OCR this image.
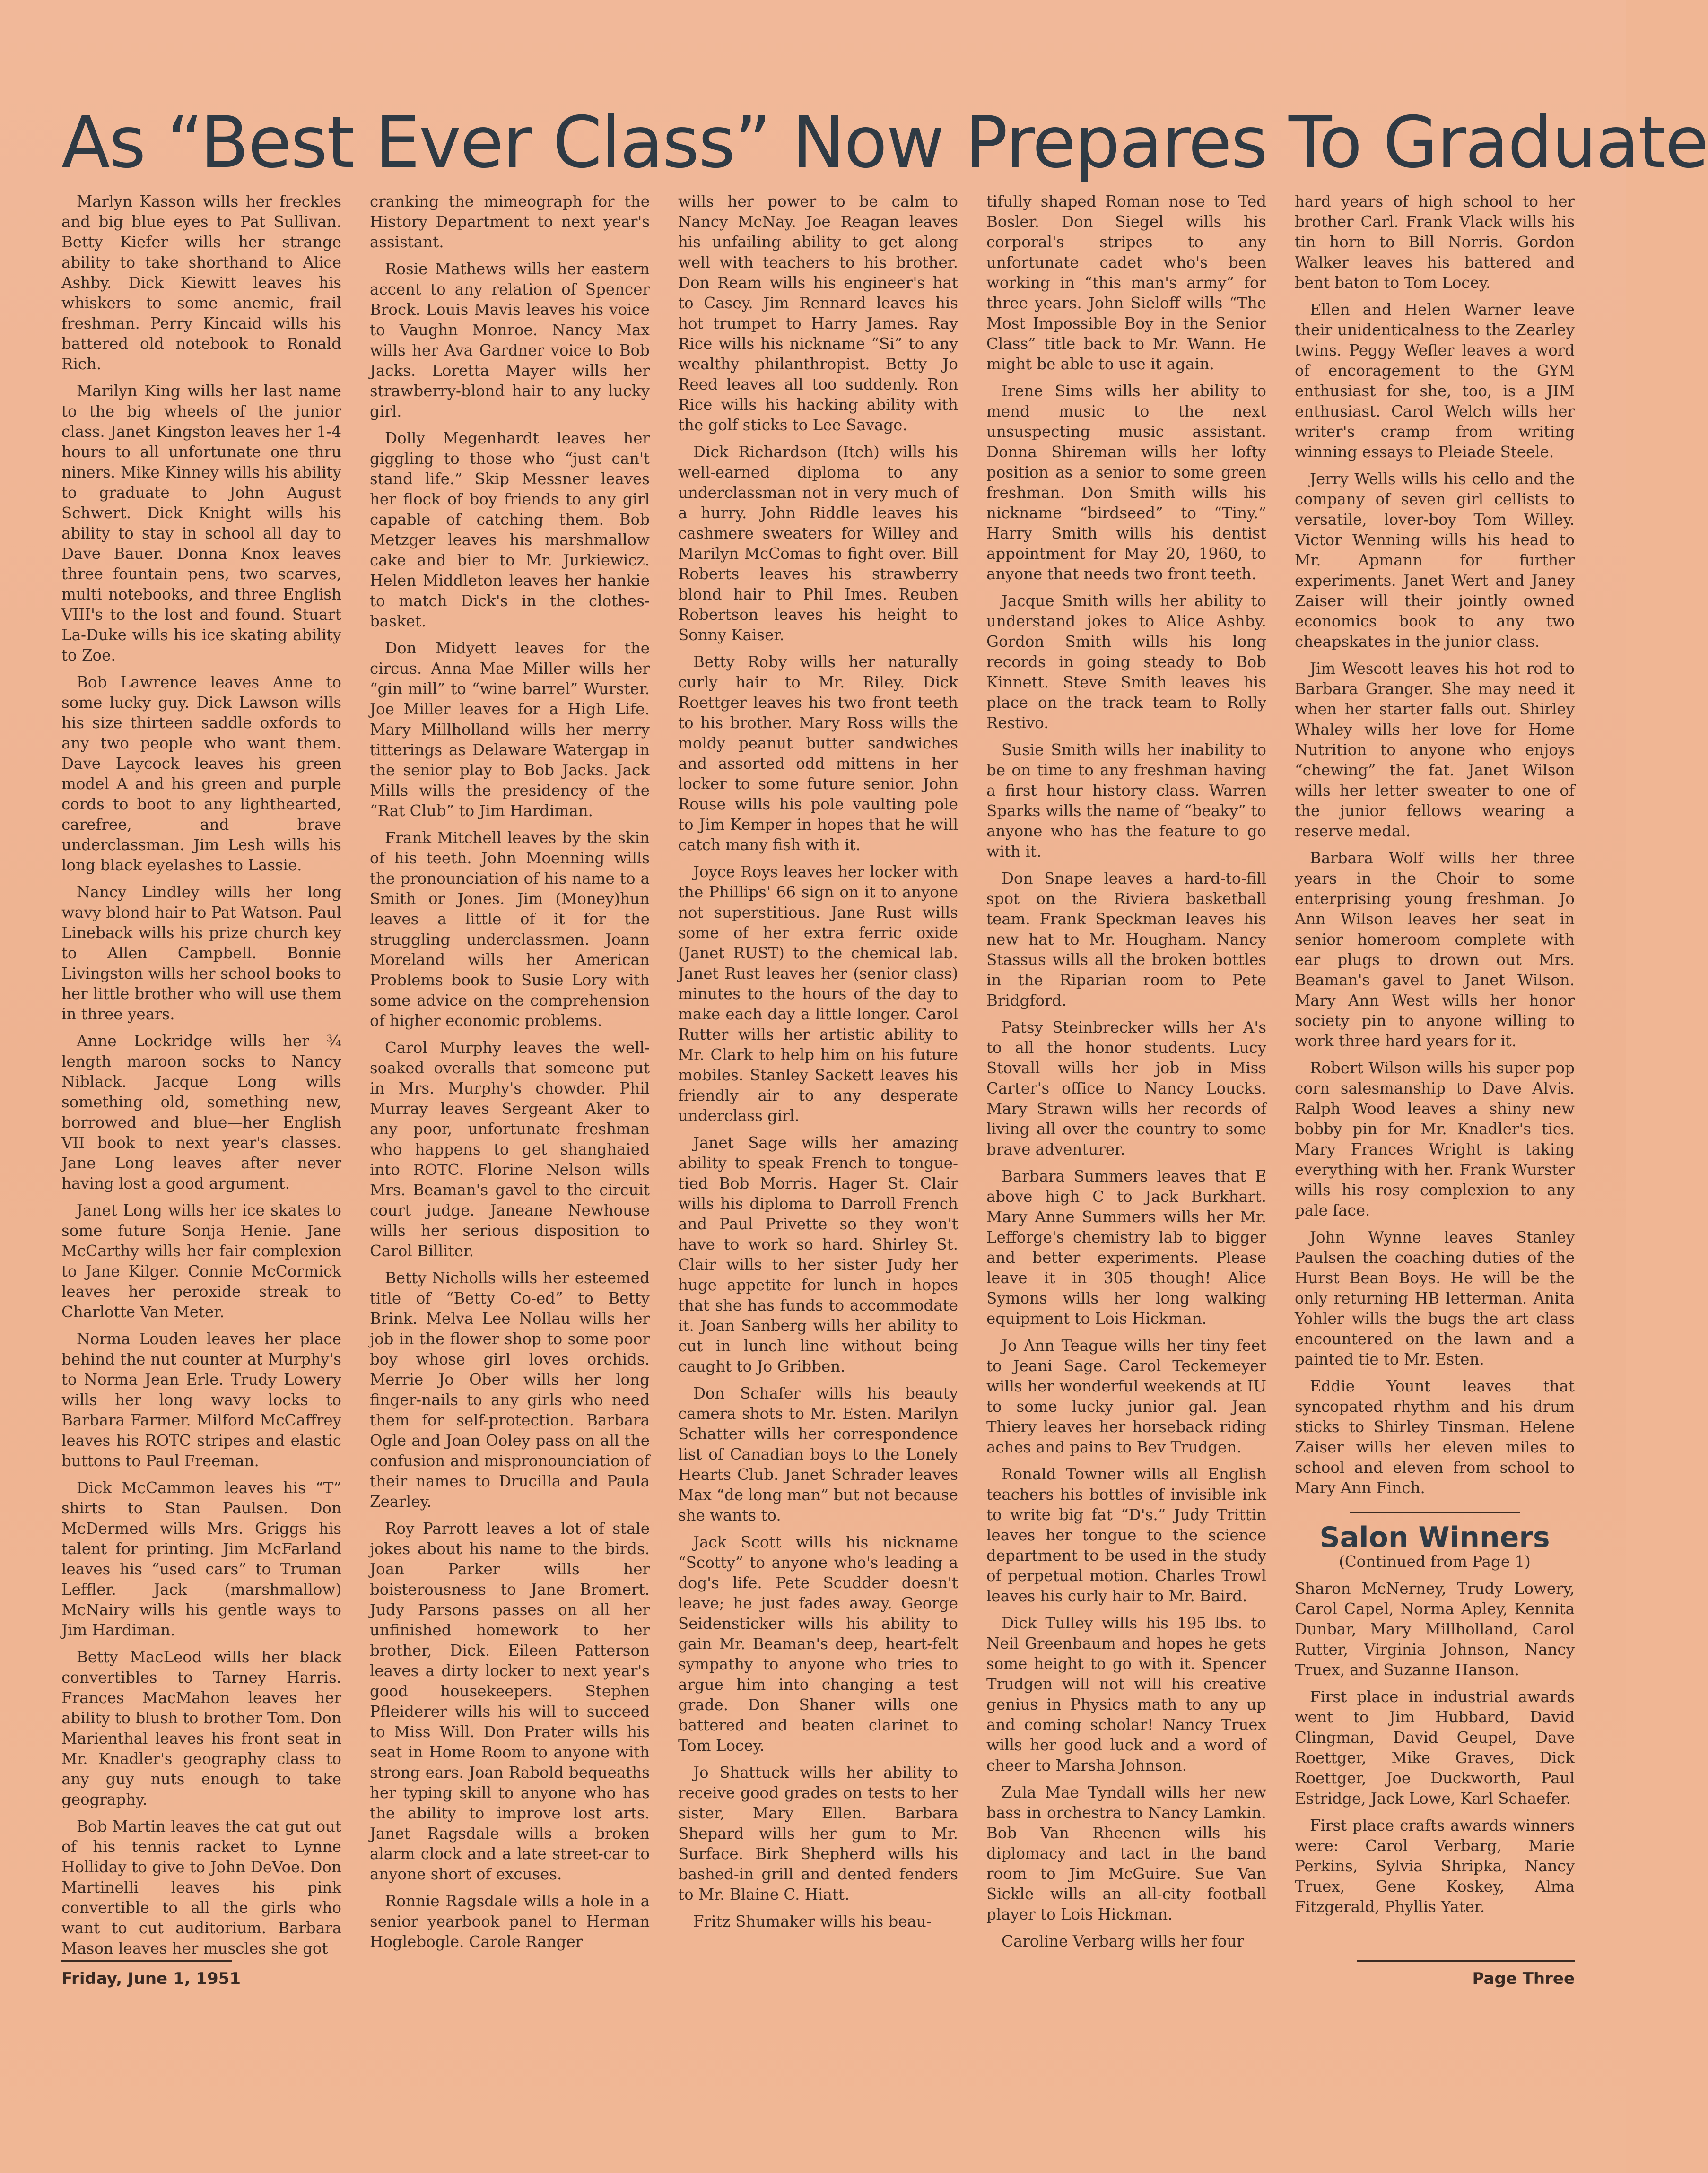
As “Best Ever Class” Now Prepares To Graduate

Marlyn Kasson wills her freckles and big blue eyes to Pat Sullivan. Betty Kiefer wills her strange ability to take shorthand to Alice Ashby. Dick Kiewitt leaves his whiskers to some anemic, frail freshman. Perry Kincaid wills his battered old notebook to Ronald Rich.

Marilyn King wills her last name to the big wheels of the junior class. Janet Kingston leaves her 1-4 hours to all unfortunate one thru niners. Mike Kinney wills his ability to graduate to John August Schwert. Dick Knight wills his ability to stay in school all day to Dave Bauer. Donna Knox leaves three fountain pens, two scarves, multi notebooks, and three English VIII's to the lost and found. Stuart La-Duke wills his ice skating ability to Zoe.

Bob Lawrence leaves Anne to some lucky guy. Dick Lawson wills his size thirteen saddle oxfords to any two people who want them. Dave Laycock leaves his green model A and his green and purple cords to boot to any lighthearted, carefree, and brave underclassman. Jim Lesh wills his long black eyelashes to Lassie.

Nancy Lindley wills her long wavy blond hair to Pat Watson. Paul Lineback wills his prize church key to Allen Campbell. Bonnie Livingston wills her school books to her little brother who will use them in three years.

Anne Lockridge wills her ¾ length maroon socks to Nancy Niblack. Jacque Long wills something old, something new, borrowed and blue—her English VII book to next year's classes. Jane Long leaves after never having lost a good argument.

Janet Long wills her ice skates to some future Sonja Henie. Jane McCarthy wills her fair complexion to Jane Kilger. Connie McCormick leaves her peroxide streak to Charlotte Van Meter.

Norma Louden leaves her place behind the nut counter at Murphy's to Norma Jean Erle. Trudy Lowery wills her long wavy locks to Barbara Farmer. Milford McCaffrey leaves his ROTC stripes and elastic buttons to Paul Freeman.

Dick McCammon leaves his “T” shirts to Stan Paulsen. Don McDermed wills Mrs. Griggs his talent for printing. Jim McFarland leaves his “used cars” to Truman Leffler. Jack (marshmallow) McNairy wills his gentle ways to Jim Hardiman.

Betty MacLeod wills her black convertibles to Tarney Harris. Frances MacMahon leaves her ability to blush to brother Tom. Don Marienthal leaves his front seat in Mr. Knadler's geography class to any guy nuts enough to take geography.

Bob Martin leaves the cat gut out of his tennis racket to Lynne Holliday to give to John DeVoe. Don Martinelli leaves his pink convertible to all the girls who want to cut auditorium. Barbara Mason leaves her muscles she got

cranking the mimeograph for the History Department to next year's assistant.

Rosie Mathews wills her eastern accent to any relation of Spencer Brock. Louis Mavis leaves his voice to Vaughn Monroe. Nancy Max wills her Ava Gardner voice to Bob Jacks. Loretta Mayer wills her strawberry-blond hair to any lucky girl.

Dolly Megenhardt leaves her giggling to those who “just can't stand life.” Skip Messner leaves her flock of boy friends to any girl capable of catching them. Bob Metzger leaves his marshmallow cake and bier to Mr. Jurkiewicz. Helen Middleton leaves her hankie to match Dick's in the clothes-basket.

Don Midyett leaves for the circus. Anna Mae Miller wills her “gin mill” to “wine barrel” Wurster. Joe Miller leaves for a High Life. Mary Millholland wills her merry titterings as Delaware Watergap in the senior play to Bob Jacks. Jack Mills wills the presidency of the “Rat Club” to Jim Hardiman.

Frank Mitchell leaves by the skin of his teeth. John Moenning wills the pronounciation of his name to a Smith or Jones. Jim (Money)hun leaves a little of it for the struggling underclassmen. Joann Moreland wills her American Problems book to Susie Lory with some advice on the comprehension of higher economic problems.

Carol Murphy leaves the well-soaked overalls that someone put in Mrs. Murphy's chowder. Phil Murray leaves Sergeant Aker to any poor, unfortunate freshman who happens to get shanghaied into ROTC. Florine Nelson wills Mrs. Beaman's gavel to the circuit court judge. Janeane Newhouse wills her serious disposition to Carol Billiter.

Betty Nicholls wills her esteemed title of “Betty Co-ed” to Betty Brink. Melva Lee Nollau wills her job in the flower shop to some poor boy whose girl loves orchids. Merrie Jo Ober wills her long finger-nails to any girls who need them for self-protection. Barbara Ogle and Joan Ooley pass on all the confusion and mispronounciation of their names to Drucilla and Paula Zearley.

Roy Parrott leaves a lot of stale jokes about his name to the birds. Joan Parker wills her boisterousness to Jane Bromert. Judy Parsons passes on all her unfinished homework to her brother, Dick. Eileen Patterson leaves a dirty locker to next year's good housekeepers. Stephen Pfleiderer wills his will to succeed to Miss Will. Don Prater wills his seat in Home Room to anyone with strong ears. Joan Rabold bequeaths her typing skill to anyone who has the ability to improve lost arts. Janet Ragsdale wills a broken alarm clock and a late street-car to anyone short of excuses.

Ronnie Ragsdale wills a hole in a senior yearbook panel to Herman Hoglebogle. Carole Ranger

wills her power to be calm to Nancy McNay. Joe Reagan leaves his unfailing ability to get along well with teachers to his brother. Don Ream wills his engineer's hat to Casey. Jim Rennard leaves his hot trumpet to Harry James. Ray Rice wills his nickname “Si” to any wealthy philanthropist. Betty Jo Reed leaves all too suddenly. Ron Rice wills his hacking ability with the golf sticks to Lee Savage.

Dick Richardson (Itch) wills his well-earned diploma to any underclassman not in very much of a hurry. John Riddle leaves his cashmere sweaters for Willey and Marilyn McComas to fight over. Bill Roberts leaves his strawberry blond hair to Phil Imes. Reuben Robertson leaves his height to Sonny Kaiser.

Betty Roby wills her naturally curly hair to Mr. Riley. Dick Roettger leaves his two front teeth to his brother. Mary Ross wills the moldy peanut butter sandwiches and assorted odd mittens in her locker to some future senior. John Rouse wills his pole vaulting pole to Jim Kemper in hopes that he will catch many fish with it.

Joyce Roys leaves her locker with the Phillips' 66 sign on it to anyone not superstitious. Jane Rust wills some of her extra ferric oxide (Janet RUST) to the chemical lab. Janet Rust leaves her (senior class) minutes to the hours of the day to make each day a little longer. Carol Rutter wills her artistic ability to Mr. Clark to help him on his future mobiles. Stanley Sackett leaves his friendly air to any desperate underclass girl.

Janet Sage wills her amazing ability to speak French to tongue-tied Bob Morris. Hager St. Clair wills his diploma to Darroll French and Paul Privette so they won't have to work so hard. Shirley St. Clair wills to her sister Judy her huge appetite for lunch in hopes that she has funds to accommodate it. Joan Sanberg wills her ability to cut in lunch line without being caught to Jo Gribben.

Don Schafer wills his beauty camera shots to Mr. Esten. Marilyn Schatter wills her correspondence list of Canadian boys to the Lonely Hearts Club. Janet Schrader leaves Max “de long man” but not because she wants to.

Jack Scott wills his nickname “Scotty” to anyone who's leading a dog's life. Pete Scudder doesn't leave; he just fades away. George Seidensticker wills his ability to gain Mr. Beaman's deep, heart-felt sympathy to anyone who tries to argue him into changing a test grade. Don Shaner wills one battered and beaten clarinet to Tom Locey.

Jo Shattuck wills her ability to receive good grades on tests to her sister, Mary Ellen. Barbara Shepard wills her gum to Mr. Surface. Birk Shepherd wills his bashed-in grill and dented fenders to Mr. Blaine C. Hiatt.

Fritz Shumaker wills his beau-

tifully shaped Roman nose to Ted Bosler. Don Siegel wills his corporal's stripes to any unfortunate cadet who's been working in “this man's army” for three years. John Sieloff wills “The Most Impossible Boy in the Senior Class” title back to Mr. Wann. He might be able to use it again.

Irene Sims wills her ability to mend music to the next unsuspecting music assistant. Donna Shireman wills her lofty position as a senior to some green freshman. Don Smith wills his nickname “birdseed” to “Tiny.” Harry Smith wills his dentist appointment for May 20, 1960, to anyone that needs two front teeth.

Jacque Smith wills her ability to understand jokes to Alice Ashby. Gordon Smith wills his long records in going steady to Bob Kinnett. Steve Smith leaves his place on the track team to Rolly Restivo.

Susie Smith wills her inability to be on time to any freshman having a first hour history class. Warren Sparks wills the name of “beaky” to anyone who has the feature to go with it.

Don Snape leaves a hard-to-fill spot on the Riviera basketball team. Frank Speckman leaves his new hat to Mr. Hougham. Nancy Stassus wills all the broken bottles in the Riparian room to Pete Bridgford.

Patsy Steinbrecker wills her A's to all the honor students. Lucy Stovall wills her job in Miss Carter's office to Nancy Loucks. Mary Strawn wills her records of living all over the country to some brave adventurer.

Barbara Summers leaves that E above high C to Jack Burkhart. Mary Anne Summers wills her Mr. Lefforge's chemistry lab to bigger and better experiments. Please leave it in 305 though! Alice Symons wills her long walking equipment to Lois Hickman.

Jo Ann Teague wills her tiny feet to Jeani Sage. Carol Teckemeyer wills her wonderful weekends at IU to some lucky junior gal. Jean Thiery leaves her horseback riding aches and pains to Bev Trudgen.

Ronald Towner wills all English teachers his bottles of invisible ink to write big fat “D's.” Judy Trittin leaves her tongue to the science department to be used in the study of perpetual motion. Charles Trowl leaves his curly hair to Mr. Baird.

Dick Tulley wills his 195 lbs. to Neil Greenbaum and hopes he gets some height to go with it. Spencer Trudgen will not will his creative genius in Physics math to any up and coming scholar! Nancy Truex wills her good luck and a word of cheer to Marsha Johnson.

Zula Mae Tyndall wills her new bass in orchestra to Nancy Lamkin. Bob Van Rheenen wills his diplomacy and tact in the band room to Jim McGuire. Sue Van Sickle wills an all-city football player to Lois Hickman.

Caroline Verbarg wills her four

hard years of high school to her brother Carl. Frank Vlack wills his tin horn to Bill Norris. Gordon Walker leaves his battered and bent baton to Tom Locey.

Ellen and Helen Warner leave their unidenticalness to the Zearley twins. Peggy Wefler leaves a word of encoragement to the GYM enthusiast for she, too, is a JIM enthusiast. Carol Welch wills her writer's cramp from writing winning essays to Pleiade Steele.

Jerry Wells wills his cello and the company of seven girl cellists to versatile, lover-boy Tom Willey. Victor Wenning wills his head to Mr. Apmann for further experiments. Janet Wert and Janey Zaiser will their jointly owned economics book to any two cheapskates in the junior class.

Jim Wescott leaves his hot rod to Barbara Granger. She may need it when her starter falls out. Shirley Whaley wills her love for Home Nutrition to anyone who enjoys “chewing” the fat. Janet Wilson wills her letter sweater to one of the junior fellows wearing a reserve medal.

Barbara Wolf wills her three years in the Choir to some enterprising young freshman. Jo Ann Wilson leaves her seat in senior homeroom complete with ear plugs to drown out Mrs. Beaman's gavel to Janet Wilson. Mary Ann West wills her honor society pin to anyone willing to work three hard years for it.

Robert Wilson wills his super pop corn salesmanship to Dave Alvis. Ralph Wood leaves a shiny new bobby pin for Mr. Knadler's ties. Mary Frances Wright is taking everything with her. Frank Wurster wills his rosy complexion to any pale face.

John Wynne leaves Stanley Paulsen the coaching duties of the Hurst Bean Boys. He will be the only returning HB letterman. Anita Yohler wills the bugs the art class encountered on the lawn and a painted tie to Mr. Esten.

Eddie Yount leaves that syncopated rhythm and his drum sticks to Shirley Tinsman. Helene Zaiser wills her eleven miles to school and eleven from school to Mary Ann Finch.

Salon Winners

(Continued from Page 1)

Sharon McNerney, Trudy Lowery, Carol Capel, Norma Apley, Kennita Dunbar, Mary Millholland, Carol Rutter, Virginia Johnson, Nancy Truex, and Suzanne Hanson.

First place in industrial awards went to Jim Hubbard, David Clingman, David Geupel, Dave Roettger, Mike Graves, Dick Roettger, Joe Duckworth, Paul Estridge, Jack Lowe, Karl Schaefer.

First place crafts awards winners were: Carol Verbarg, Marie Perkins, Sylvia Shripka, Nancy Truex, Gene Koskey, Alma Fitzgerald, Phyllis Yater.

Friday, June 1, 1951	Page Three
